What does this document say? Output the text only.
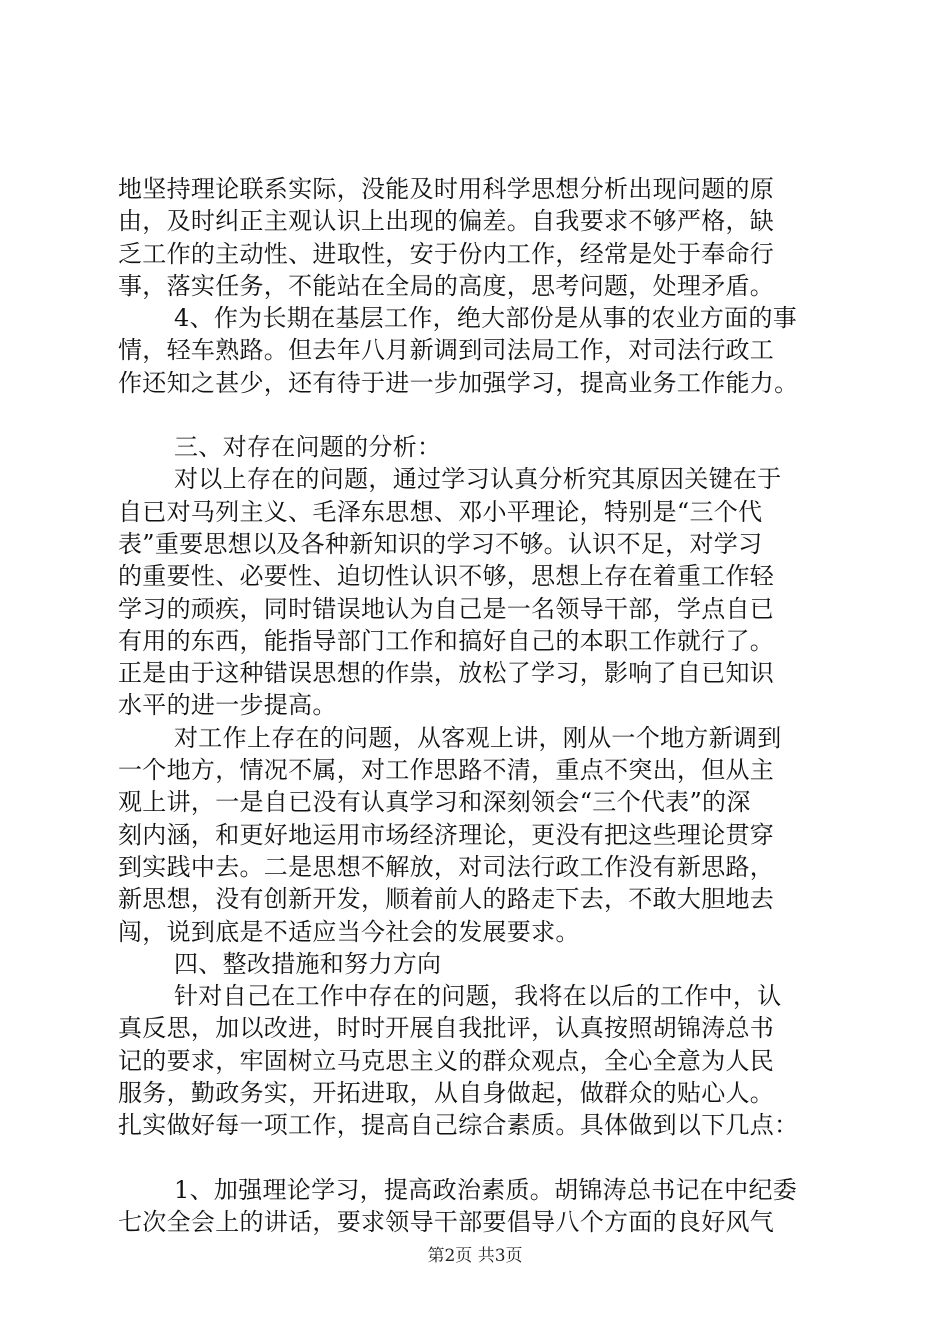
地坚持理论联系实际，没能及时用科学思想分析出现问题的原
由，及时纠正主观认识上出现的偏差。自我要求不够严格，缺
乏工作的主动性、进取性，安于份内工作，经常是处于奉命行
事，落实任务，不能站在全局的高度，思考问题，处理矛盾。
4、作为长期在基层工作，绝大部份是从事的农业方面的事
情，轻车熟路。但去年八月新调到司法局工作，对司法行政工
作还知之甚少，还有待于进一步加强学习，提高业务工作能力。
三、对存在问题的分析：
对以上存在的问题，通过学习认真分析究其原因关键在于
自已对马列主义、毛泽东思想、邓小平理论，特别是“三个代
表”重要思想以及各种新知识的学习不够。认识不足，对学习
的重要性、必要性、迫切性认识不够，思想上存在着重工作轻
学习的顽疾，同时错误地认为自己是一名领导干部，学点自已
有用的东西，能指导部门工作和搞好自己的本职工作就行了。
正是由于这种错误思想的作祟，放松了学习，影响了自已知识
水平的进一步提高。
对工作上存在的问题，从客观上讲，刚从一个地方新调到
一个地方，情况不属，对工作思路不清，重点不突出，但从主
观上讲，一是自已没有认真学习和深刻领会“三个代表”的深
刻内涵，和更好地运用市场经济理论，更没有把这些理论贯穿
到实践中去。二是思想不解放，对司法行政工作没有新思路，
新思想，没有创新开发，顺着前人的路走下去，不敢大胆地去
闯，说到底是不适应当今社会的发展要求。
四、整改措施和努力方向
针对自己在工作中存在的问题，我将在以后的工作中，认
真反思，加以改进，时时开展自我批评，认真按照胡锦涛总书
记的要求，牢固树立马克思主义的群众观点，全心全意为人民
服务，勤政务实，开拓进取，从自身做起，做群众的贴心人。
扎实做好每一项工作，提高自己综合素质。具体做到以下几点：
1、加强理论学习，提高政治素质。胡锦涛总书记在中纪委
七次全会上的讲话，要求领导干部要倡导八个方面的良好风气
第2页 共3页
